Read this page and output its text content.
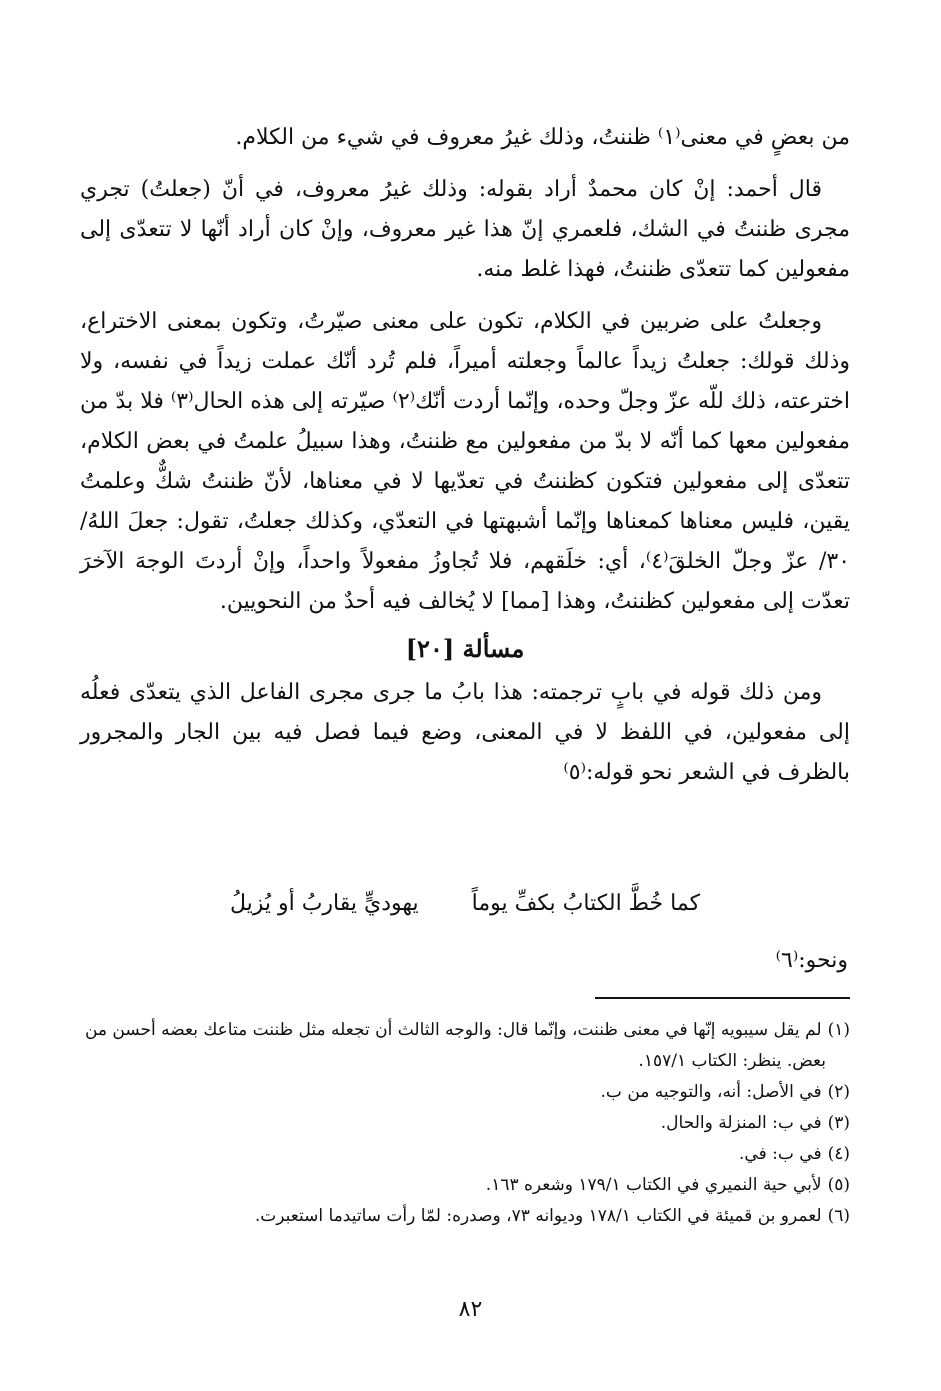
من بعضٍ في معنى⁽١⁾ ظننتُ، وذلك غيرُ معروف في شيء من الكلام.

قال أحمد: إنْ كان محمدٌ أراد بقوله: وذلك غيرُ معروف، في أنّ (جعلتُ) تجري مجرى ظننتُ في الشك، فلعمري إنّ هذا غير معروف، وإنْ كان أراد أنّها لا تتعدّى إلى مفعولين كما تتعدّى ظننتُ، فهذا غلط منه.

وجعلتُ على ضربين في الكلام، تكون على معنى صيّرتُ، وتكون بمعنى الاختراع، وذلك قولك: جعلتُ زيداً عالماً وجعلته أميراً، فلم تُرد أنّك عملت زيداً في نفسه، ولا اخترعته، ذلك للّه عزّ وجلّ وحده، وإنّما أردت أنّك⁽٢⁾ صيّرته إلى هذه الحال⁽٣⁾ فلا بدّ من مفعولين معها كما أنّه لا بدّ من مفعولين مع ظننتُ، وهذا سبيلُ علمتُ في بعض الكلام، تتعدّى إلى مفعولين فتكون كظننتُ في تعدّيها لا في معناها، لأنّ ظننتُ شكٌّ وعلمتُ يقين، فليس معناها كمعناها وإنّما أشبهتها في التعدّي، وكذلك جعلتُ، تقول: جعلَ اللهُ/ ٣٠/ عزّ وجلّ الخلقَ⁽٤⁾، أي: خلَقهم، فلا تُجاوزُ مفعولاً واحداً، وإنْ أردتَ الوجهَ الآخرَ تعدّت إلى مفعولين كظننتُ، وهذا [مما] لا يُخالف فيه أحدٌ من النحويين.

مسألة [٢٠]

ومن ذلك قوله في بابٍ ترجمته: هذا بابُ ما جرى مجرى الفاعل الذي يتعدّى فعلُه إلى مفعولين، في اللفظ لا في المعنى، وضع فيما فصل فيه بين الجار والمجرور بالظرف في الشعر نحو قوله:⁽٥⁾

كما خُطَّ الكتابُ بكفِّ يوماً يهوديٍّ يقاربُ أو يُزيلُ
ونحو:⁽٦⁾

(١)لم يقل سيبويه إنّها في معنى ظننت، وإنّما قال: والوجه الثالث أن تجعله مثل ظننت متاعك بعضه أحسن من

بعض. ينظر: الكتاب ١٥٧/١.

(٢)في الأصل: أنه، والتوجيه من ب.

(٣)في ب: المنزلة والحال.

(٤)في ب: في.

(٥)لأبي حية النميري في الكتاب ١٧٩/١ وشعره ١٦٣.

(٦)لعمرو بن قميئة في الكتاب ١٧٨/١ وديوانه ٧٣، وصدره: لمّا رأت ساتيدما استعبرت.

٨٢
